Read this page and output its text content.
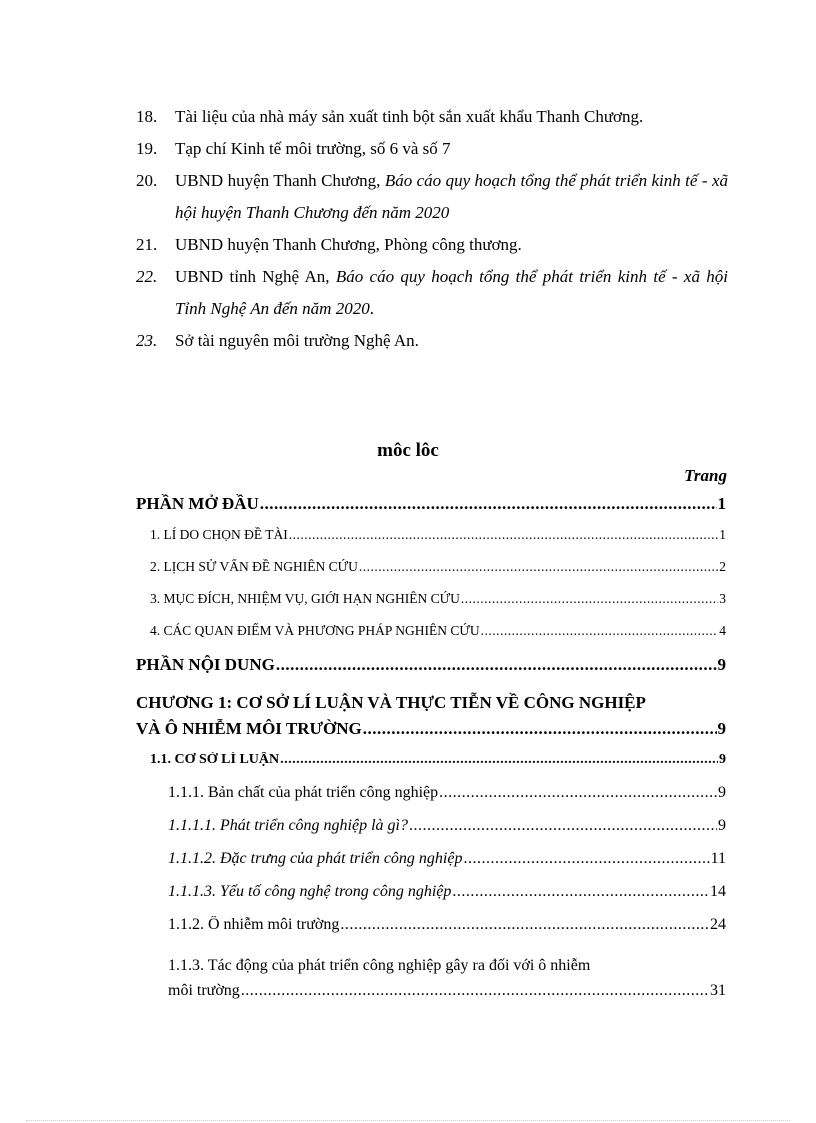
18.	Tài liệu của nhà máy sản xuất tinh bột sắn xuất khẩu Thanh Chương.
19.	Tạp chí Kinh tế môi trường, số 6 và số 7
20.	UBND huyện Thanh Chương, Báo cáo quy hoạch tổng thể phát triển kinh tế - xã hội huyện Thanh Chương đến năm 2020
21.	UBND huyện Thanh Chương, Phòng công thương.
22.	UBND tỉnh Nghệ An, Báo cáo quy hoạch tổng thể phát triển kinh tế - xã hội Tỉnh Nghệ An đến năm 2020.
23.	Sở tài nguyên môi trường Nghệ An.
môc lôc
Trang
PHẦN MỞ ĐẦU .....	1
1. LÍ DO CHỌN ĐỀ TÀI .....	1
2. LỊCH SỬ VẤN ĐỀ NGHIÊN CỨU .....	2
3. MỤC ĐÍCH, NHIỆM VỤ, GIỚI HẠN NGHIÊN CỨU .....	3
4. CÁC QUAN ĐIỂM VÀ PHƯƠNG PHÁP NGHIÊN CỨU .....	4
PHẦN NỘI DUNG .....	9
CHƯƠNG 1: CƠ SỞ LÍ LUẬN VÀ THỰC TIỄN VỀ CÔNG NGHIỆP
VÀ Ô NHIỄM MÔI TRƯỜNG .....	9
1.1. CƠ SỞ LÍ LUẬN .....	9
1.1.1. Bản chất của phát triển công nghiệp .....	9
1.1.1.1. Phát triển công nghiệp là gì? .....	9
1.1.1.2. Đặc trưng của phát triển công nghiệp .....	11
1.1.1.3. Yếu tố công nghệ trong công nghiệp .....	14
1.1.2. Ô nhiễm môi trường .....	24
1.1.3. Tác động của phát triển công nghiệp gây ra đối với ô nhiễm
môi trường .....	31
